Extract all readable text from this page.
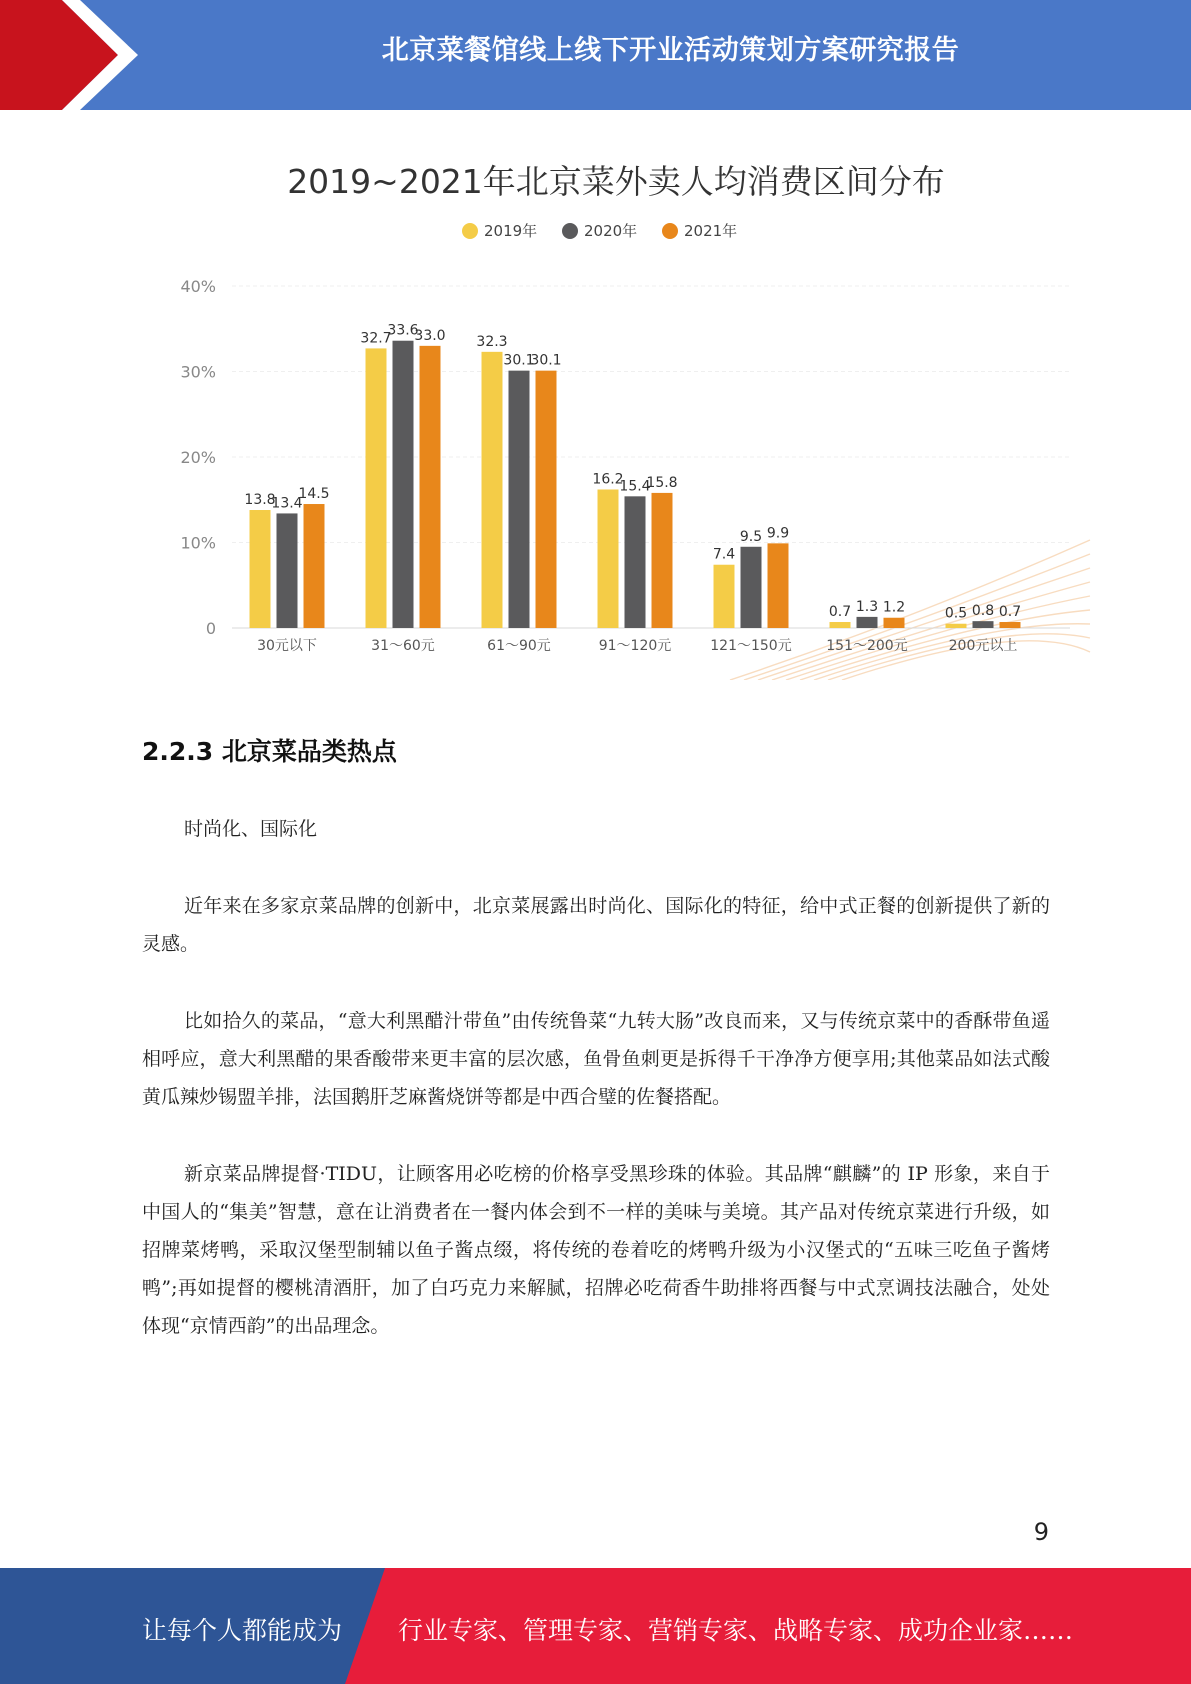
北京菜餐馆线上线下开业活动策划方案研究报告
2019~2021年北京菜外卖人均消费区间分布
2019年	2020年	2021年
0
10%
20%
30%
40%
13.8
13.4
14.5
32.7
33.6
33.0 32.3
30.1
30.1
16.2
15.4
15.8
7.4
9.5 9.9
0.7 1.3 1.2	0.5 0.8 0.7
30元以下	31～60元	61～90元	91～120元	121～150元 151～200元	200元以上
2.2.3 北京菜品类热点

时尚化、国际化

近年来在多家京菜品牌的创新中，北京菜展露出时尚化、国际化的特征，给中式正餐的创新提供了新的灵感。

比如拾久的菜品，“意大利黑醋汁带鱼”由传统鲁菜“九转大肠”改良而来，又与传统京菜中的香酥带鱼遥相呼应，意大利黑醋的果香酸带来更丰富的层次感，鱼骨鱼刺更是拆得千干净净方便享用;其他菜品如法式酸黄瓜辣炒锡盟羊排，法国鹅肝芝麻酱烧饼等都是中西合璧的佐餐搭配。

新京菜品牌提督·TIDU，让顾客用必吃榜的价格享受黑珍珠的体验。其品牌“麒麟”的 IP 形象，来自于中国人的“集美”智慧，意在让消费者在一餐内体会到不一样的美味与美境。其产品对传统京菜进行升级，如招牌菜烤鸭，采取汉堡型制辅以鱼子酱点缀，将传统的卷着吃的烤鸭升级为小汉堡式的“五味三吃鱼子酱烤鸭”;再如提督的樱桃清酒肝，加了白巧克力来解腻，招牌必吃荷香牛助排将西餐与中式烹调技法融合，处处体现“京情西韵”的出品理念。

9
让每个人都能成为 行业专家、管理专家、营销专家、战略专家、成功企业家……
